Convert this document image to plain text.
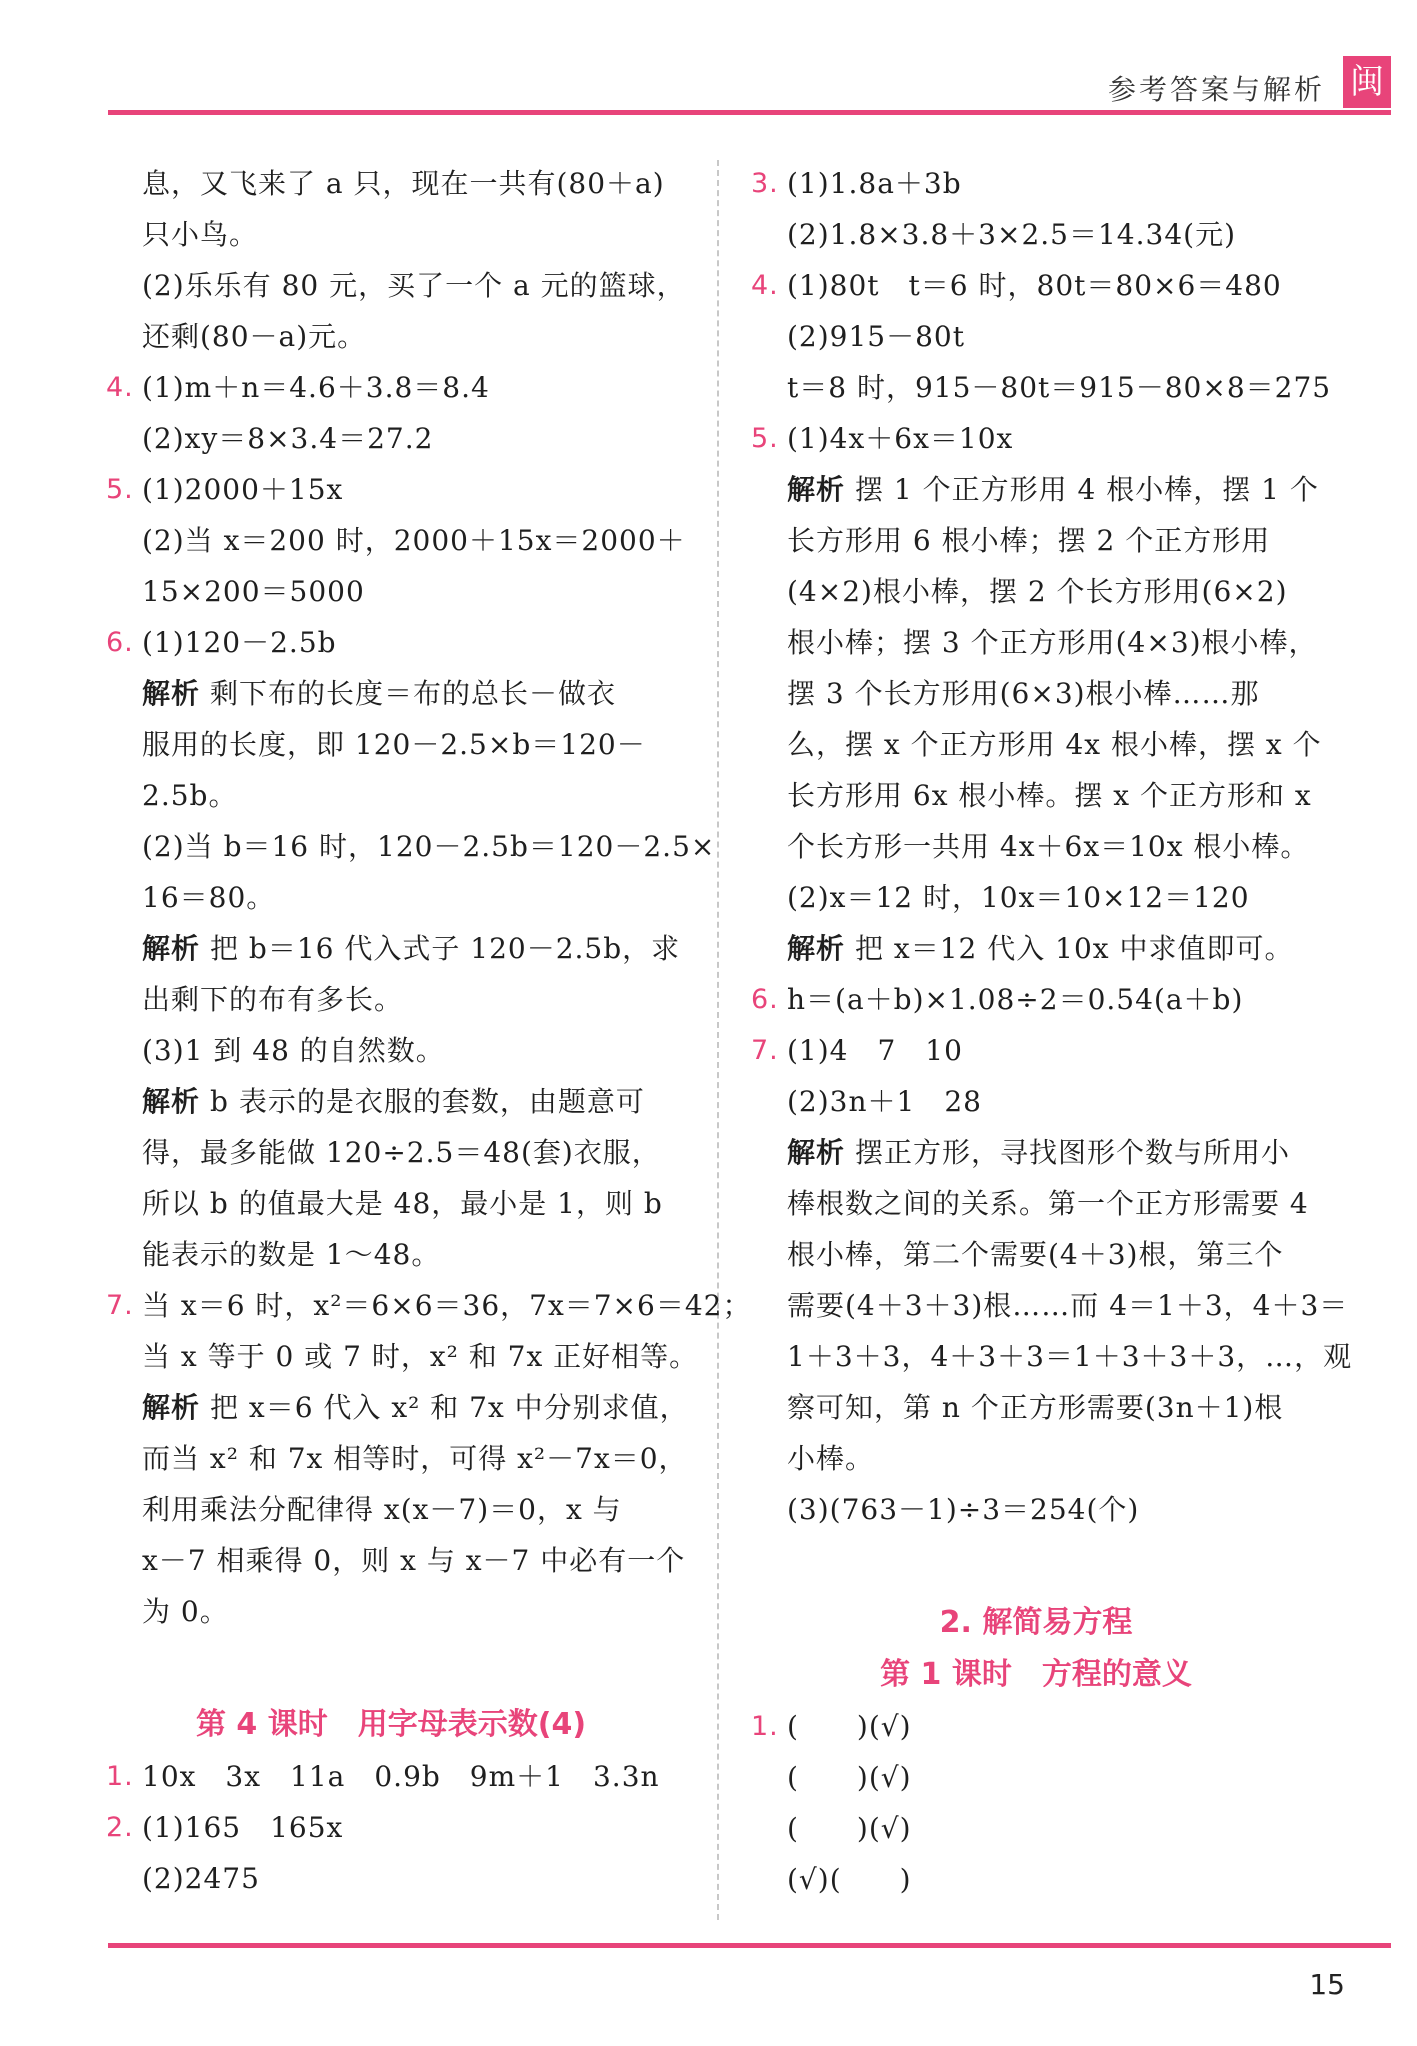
参考答案与解析 闽
息，又飞来了 a 只，现在一共有(80＋a)
只小鸟。
(2)乐乐有 80 元，买了一个 a 元的篮球，
还剩(80－a)元。
4. (1)m＋n＝4.6＋3.8＝8.4
(2)xy＝8×3.4＝27.2
5. (1)2000＋15x
(2)当 x＝200 时，2000＋15x＝2000＋
15×200＝5000
6. (1)120－2.5b
解析 剩下布的长度＝布的总长－做衣
服用的长度，即 120－2.5×b＝120－
2.5b。
(2)当 b＝16 时，120－2.5b＝120－2.5×
16＝80。
解析 把 b＝16 代入式子 120－2.5b，求
出剩下的布有多长。
(3)1 到 48 的自然数。
解析 b 表示的是衣服的套数，由题意可
得，最多能做 120÷2.5＝48(套)衣服，
所以 b 的值最大是 48，最小是 1，则 b
能表示的数是 1～48。
7. 当 x＝6 时，x²＝6×6＝36，7x＝7×6＝42；
当 x 等于 0 或 7 时，x² 和 7x 正好相等。
解析 把 x＝6 代入 x² 和 7x 中分别求值，
而当 x² 和 7x 相等时，可得 x²－7x＝0，
利用乘法分配律得 x(x－7)＝0，x 与
x－7 相乘得 0，则 x 与 x－7 中必有一个
为 0。
第 4 课时　用字母表示数(4)
1. 10x　3x　11a　0.9b　9m＋1　3.3n
2. (1)165　165x
(2)2475
3. (1)1.8a＋3b
(2)1.8×3.8＋3×2.5＝14.34(元)
4. (1)80t　t＝6 时，80t＝80×6＝480
(2)915－80t
t＝8 时，915－80t＝915－80×8＝275
5. (1)4x＋6x＝10x
解析 摆 1 个正方形用 4 根小棒，摆 1 个
长方形用 6 根小棒；摆 2 个正方形用
(4×2)根小棒，摆 2 个长方形用(6×2)
根小棒；摆 3 个正方形用(4×3)根小棒，
摆 3 个长方形用(6×3)根小棒……那
么，摆 x 个正方形用 4x 根小棒，摆 x 个
长方形用 6x 根小棒。摆 x 个正方形和 x
个长方形一共用 4x＋6x＝10x 根小棒。
(2)x＝12 时，10x＝10×12＝120
解析 把 x＝12 代入 10x 中求值即可。
6. h＝(a＋b)×1.08÷2＝0.54(a＋b)
7. (1)4　7　10
(2)3n＋1　28
解析 摆正方形，寻找图形个数与所用小
棒根数之间的关系。第一个正方形需要 4
根小棒，第二个需要(4＋3)根，第三个
需要(4＋3＋3)根……而 4＝1＋3，4＋3＝
1＋3＋3，4＋3＋3＝1＋3＋3＋3，…，观
察可知，第 n 个正方形需要(3n＋1)根
小棒。
(3)(763－1)÷3＝254(个)
2. 解简易方程
第 1 课时　方程的意义
1. (　　)(√)
(　　)(√)
(　　)(√)
(√)(　　)
15
